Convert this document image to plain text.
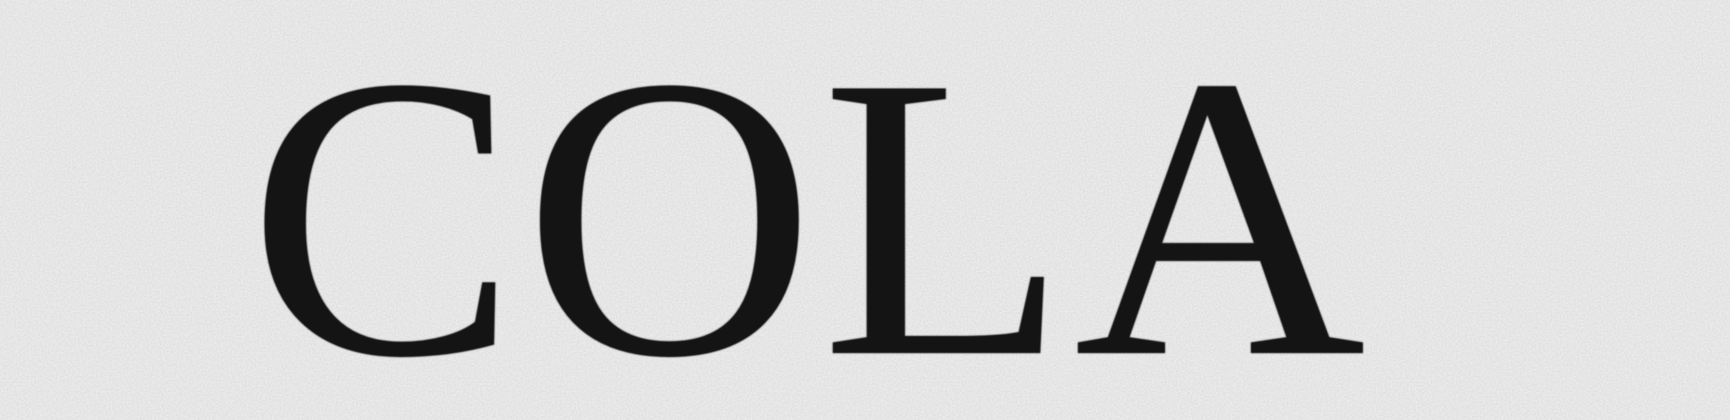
COLA
